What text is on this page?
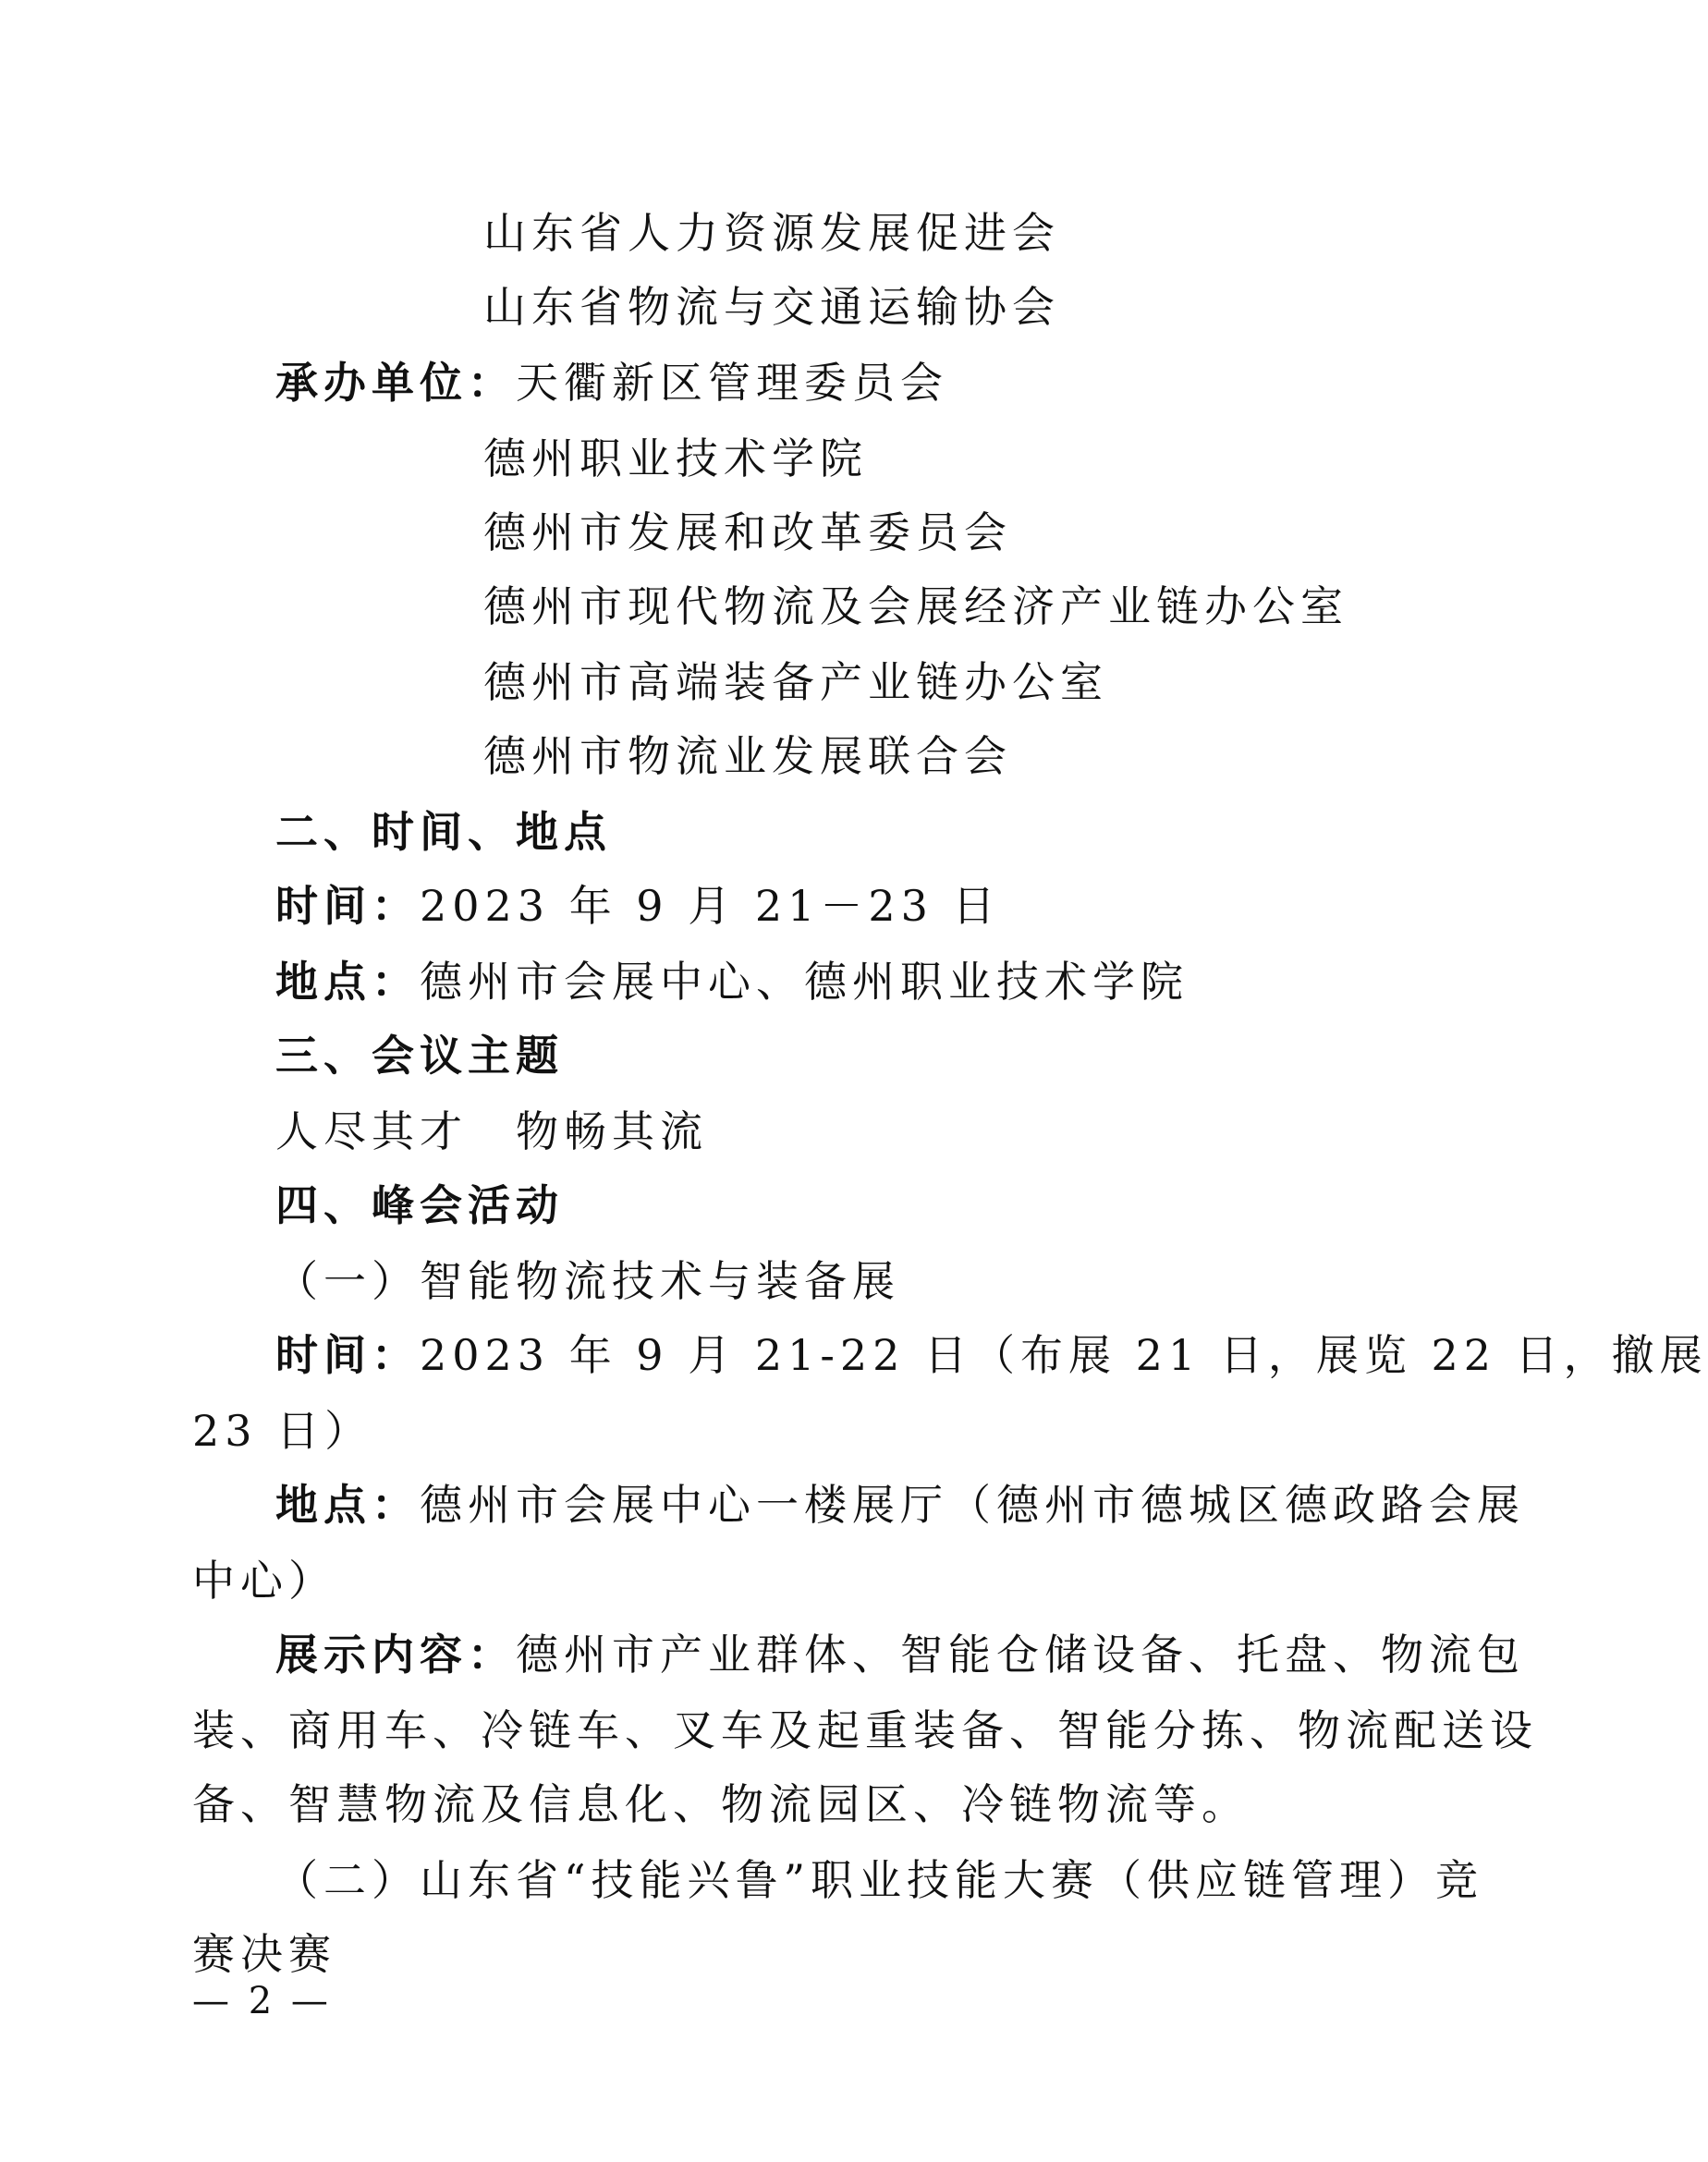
山东省人力资源发展促进会
山东省物流与交通运输协会
承办单位：天衢新区管理委员会
德州职业技术学院
德州市发展和改革委员会
德州市现代物流及会展经济产业链办公室
德州市高端装备产业链办公室
德州市物流业发展联合会
二、时间、地点
时间：2023 年 9 月 21－23 日
地点：德州市会展中心、德州职业技术学院
三、会议主题
人尽其才　物畅其流
四、峰会活动
（一）智能物流技术与装备展
时间：2023 年 9 月 21-22 日（布展 21 日，展览 22 日，撤展
23 日）
地点：德州市会展中心一楼展厅（德州市德城区德政路会展
中心）
展示内容：德州市产业群体、智能仓储设备、托盘、物流包
装、商用车、冷链车、叉车及起重装备、智能分拣、物流配送设
备、智慧物流及信息化、物流园区、冷链物流等。
（二）山东省“技能兴鲁”职业技能大赛（供应链管理）竞
赛决赛
— 2 —
